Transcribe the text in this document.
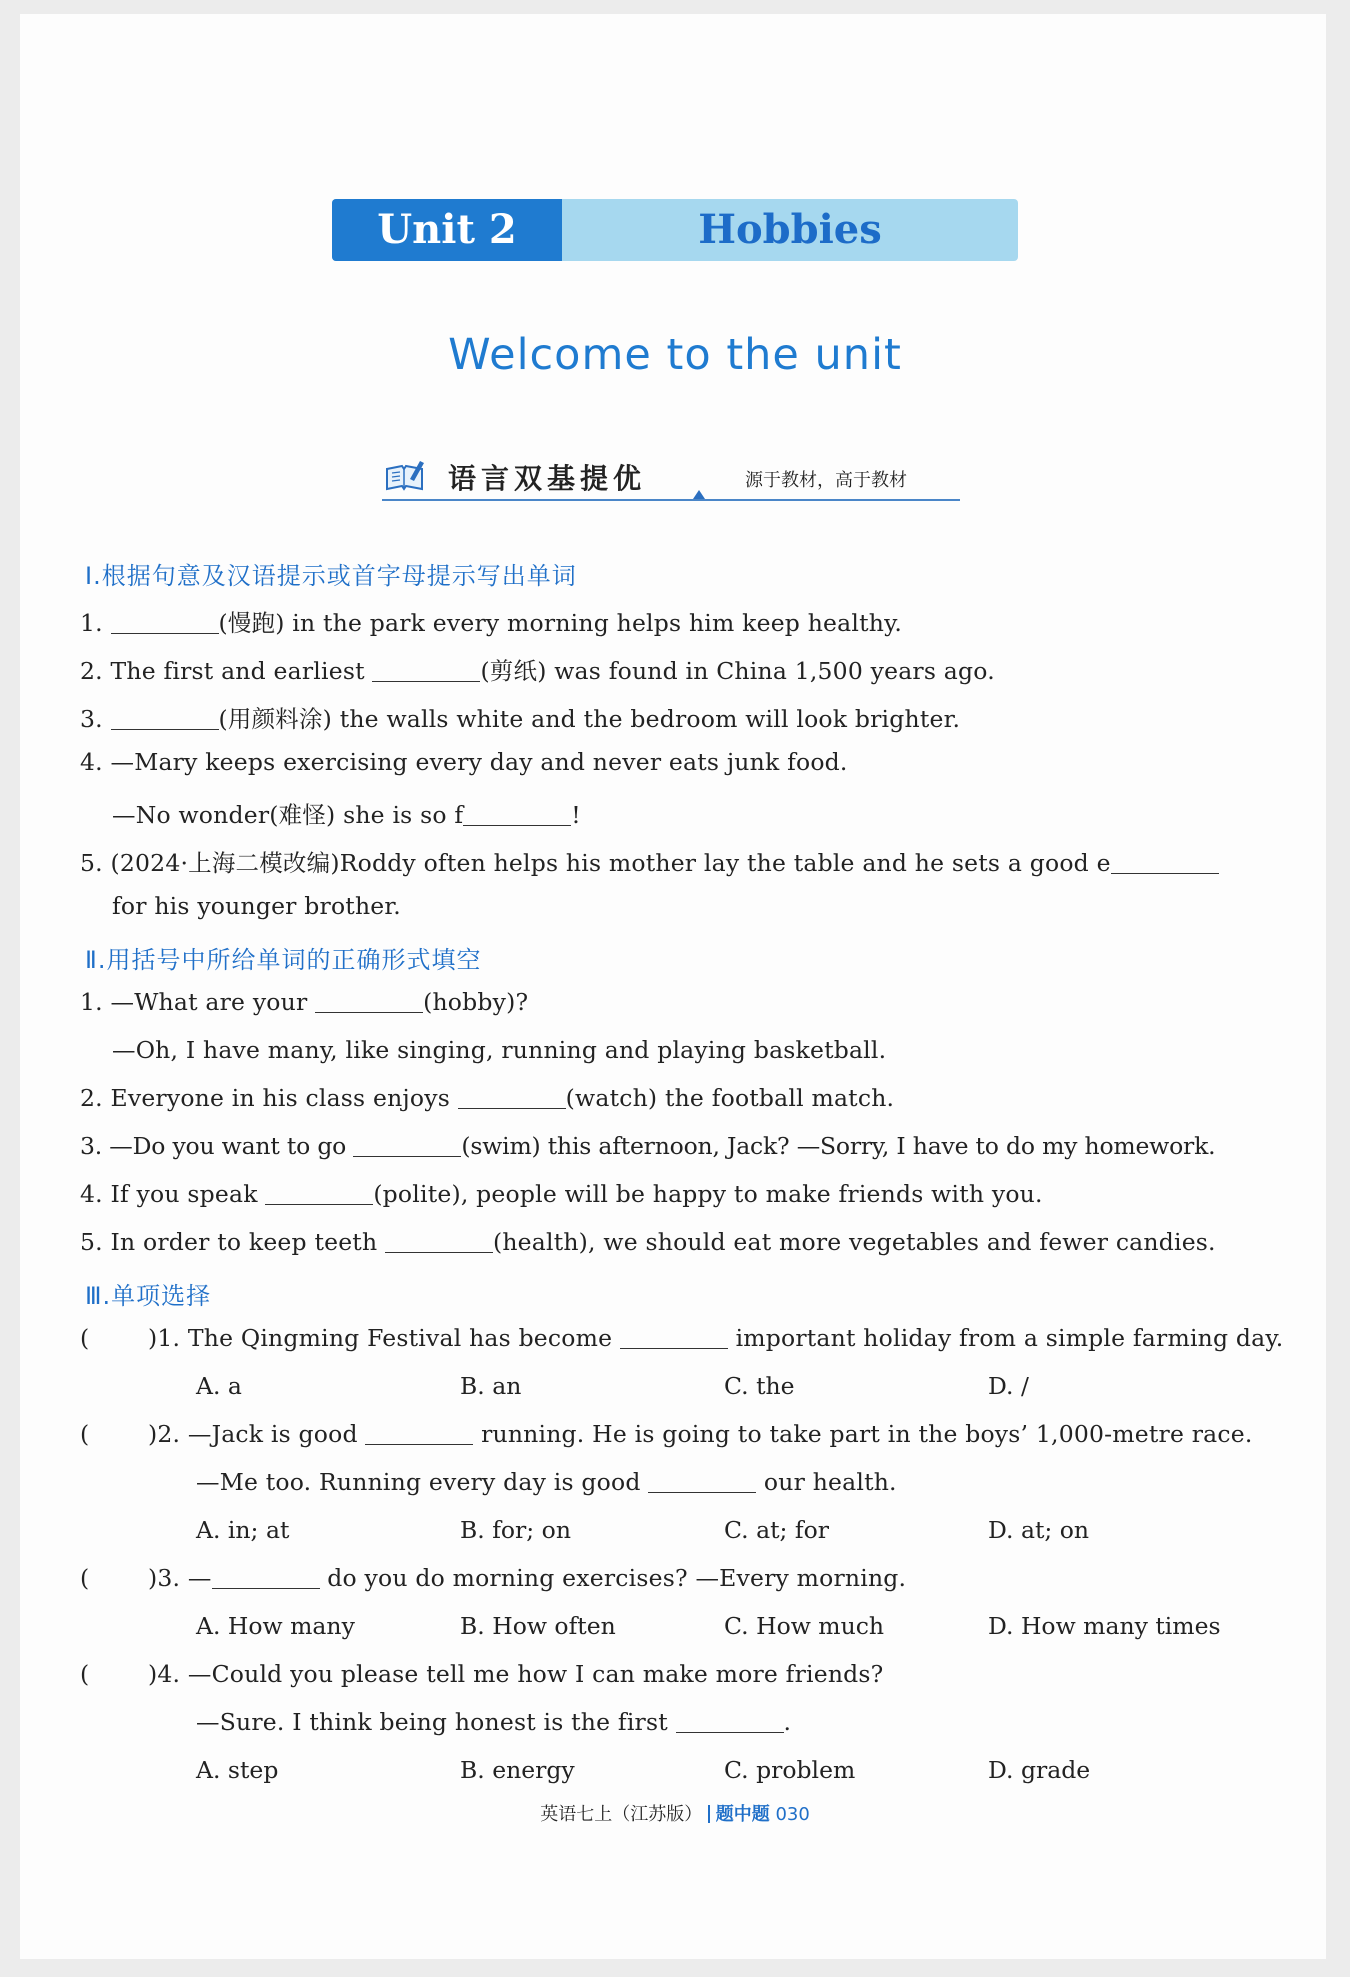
Unit 2	Hobbies
Welcome to the unit
语言双基提优	源于教材，高于教材
Ⅰ.根据句意及汉语提示或首字母提示写出单词
1.	(慢跑) in the park every morning helps him keep healthy.
2. The first and earliest	(剪纸) was found in China 1,500 years ago.
3.	(用颜料涂) the walls white and the bedroom will look brighter.
4. —Mary keeps exercising every day and never eats junk food.
—No wonder(难怪) she is so f	!
5. (2024·上海二模改编)Roddy often helps his mother lay the table and he sets a good e
for his younger brother.
Ⅱ.用括号中所给单词的正确形式填空
1. —What are your	(hobby)?
—Oh, I have many, like singing, running and playing basketball.
2. Everyone in his class enjoys	(watch) the football match.
3. —Do you want to go	(swim) this afternoon, Jack? —Sorry, I have to do my homework.
4. If you speak	(polite), people will be happy to make friends with you.
5. In order to keep teeth	(health), we should eat more vegetables and fewer candies.
Ⅲ.单项选择
(	)1. The Qingming Festival has become	important holiday from a simple farming day.
A. a	B. an	C. the	D. /
(	)2. —Jack is good	running. He is going to take part in the boys’ 1,000-metre race.
—Me too. Running every day is good	our health.
A. in; at	B. for; on	C. at; for	D. at; on
(	)3. —	do you do morning exercises? —Every morning.
A. How many	B. How often	C. How much	D. How many times
(	)4. —Could you please tell me how I can make more friends?
—Sure. I think being honest is the first	.
A. step	B. energy	C. problem	D. grade
英语七上（江苏版） 题中题 030
